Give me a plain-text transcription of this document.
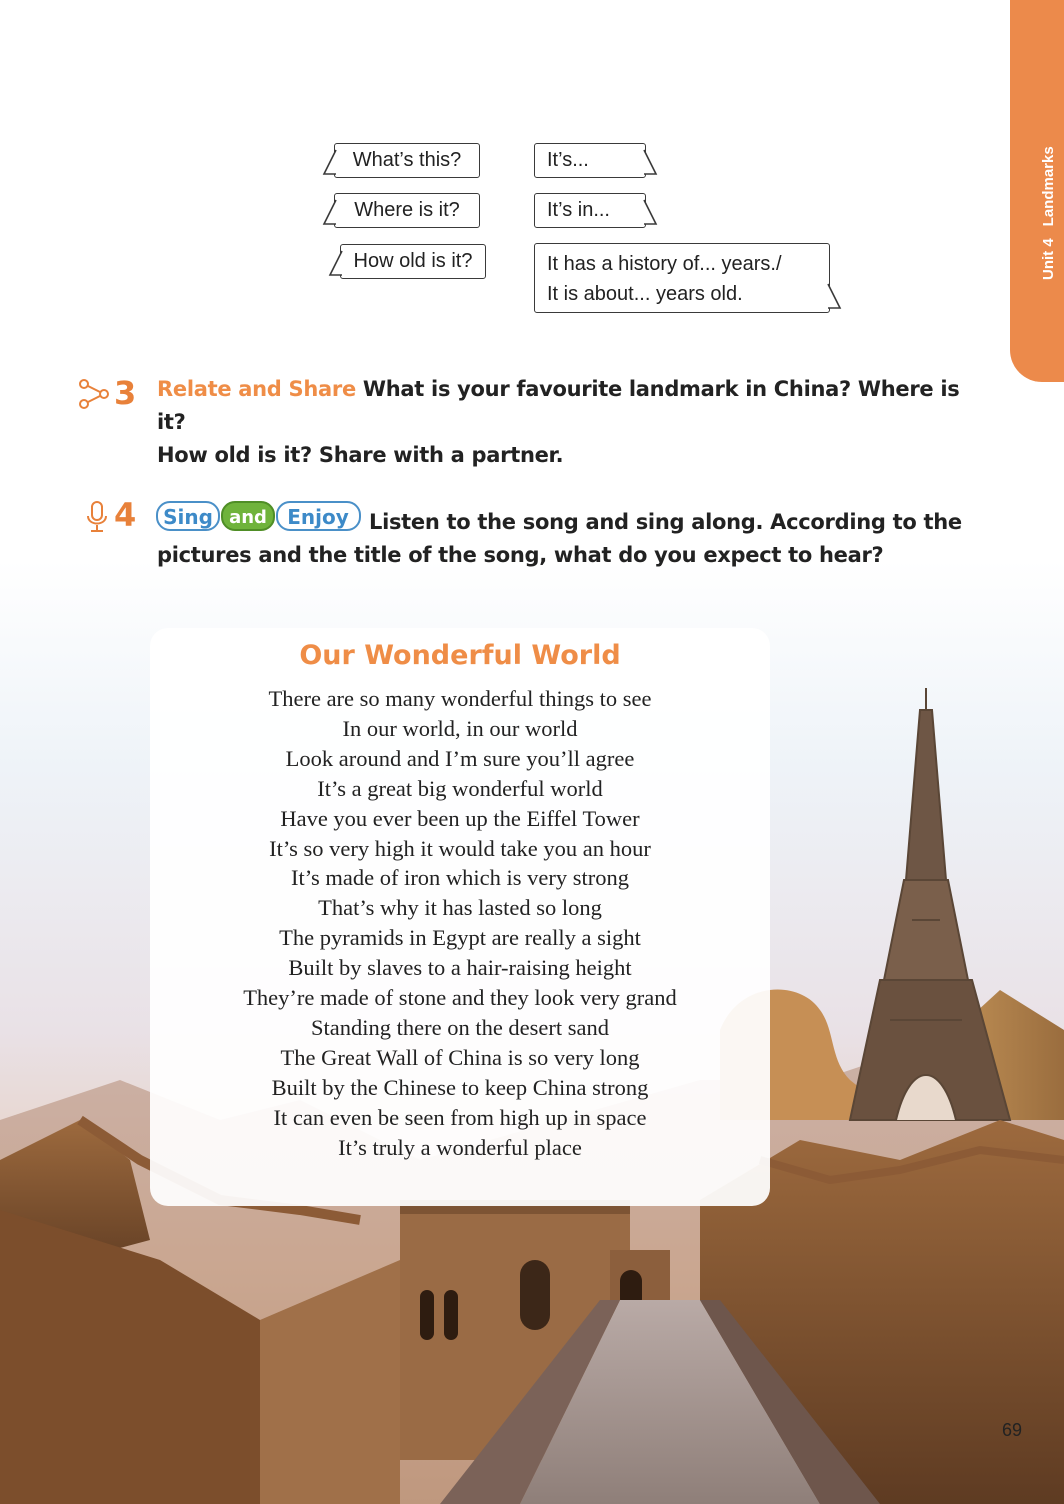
Unit 4Landmarks
What’s this?
Where is it?
How old is it?
It’s...
It’s in...
It has a history of... years./
It is about... years old.
3 Relate and Share What is your favourite landmark in China? Where is it?
How old is it? Share with a partner.
4 Sing and Enjoy Listen to the song and sing along. According to the
pictures and the title of the song, what do you expect to hear?
Our Wonderful World
There are so many wonderful things to see
In our world, in our world
Look around and I’m sure you’ll agree
It’s a great big wonderful world
Have you ever been up the Eiffel Tower
It’s so very high it would take you an hour
It’s made of iron which is very strong
That’s why it has lasted so long
The pyramids in Egypt are really a sight
Built by slaves to a hair-raising height
They’re made of stone and they look very grand
Standing there on the desert sand
The Great Wall of China is so very long
Built by the Chinese to keep China strong
It can even be seen from high up in space
It’s truly a wonderful place
69
